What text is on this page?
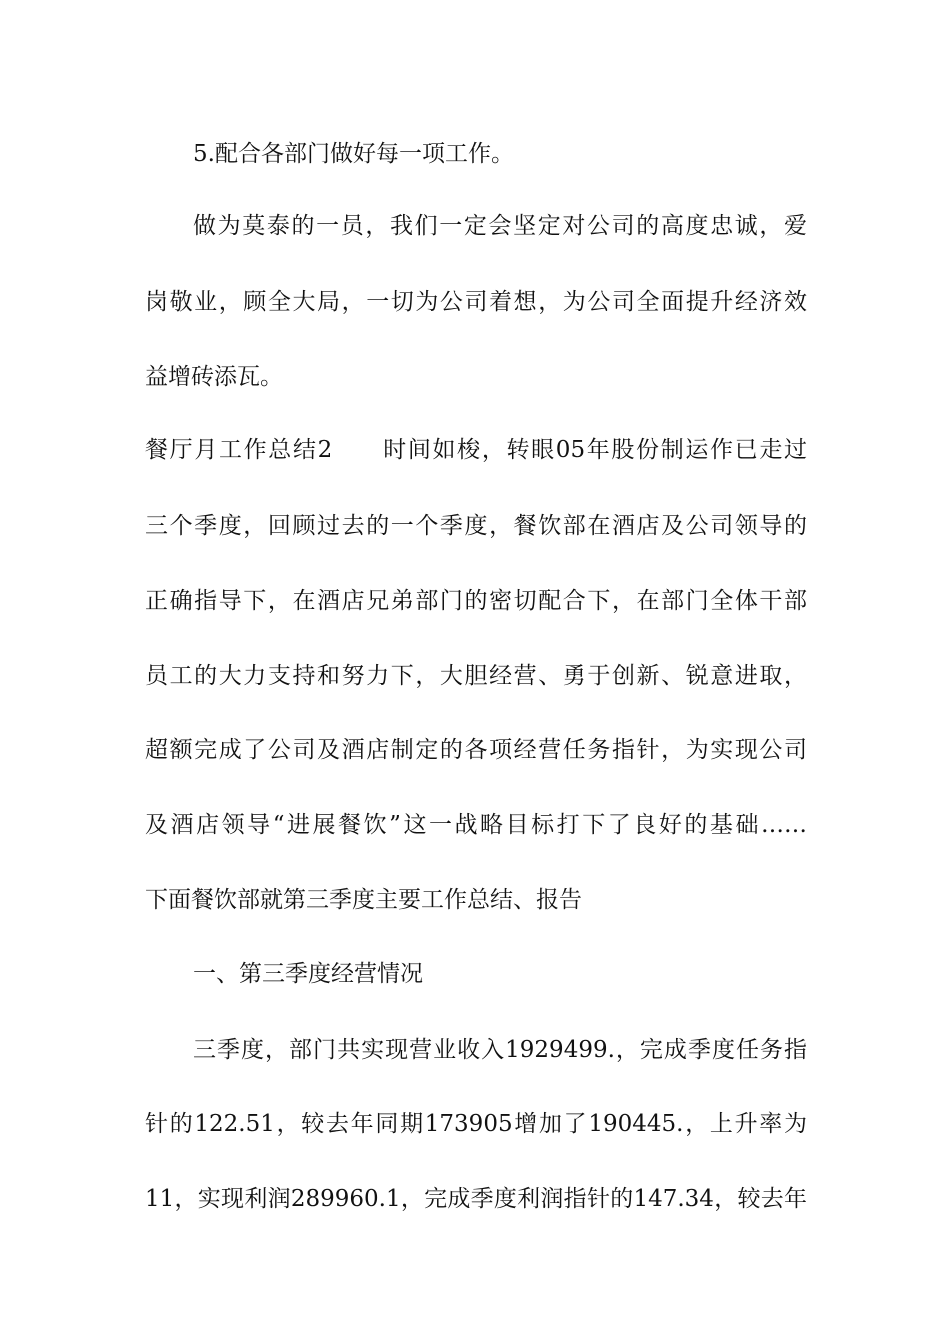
5.配合各部门做好每一项工作。
做为莫泰的一员，我们一定会坚定对公司的高度忠诚，爱
岗敬业，顾全大局，一切为公司着想，为公司全面提升经济效
益增砖添瓦。
餐厅月工作总结2　　时间如梭，转眼05年股份制运作已走过
三个季度，回顾过去的一个季度，餐饮部在酒店及公司领导的
正确指导下，在酒店兄弟部门的密切配合下，在部门全体干部
员工的大力支持和努力下，大胆经营、勇于创新、锐意进取，
超额完成了公司及酒店制定的各项经营任务指针，为实现公司
及酒店领导“进展餐饮”这一战略目标打下了良好的基础……
下面餐饮部就第三季度主要工作总结、报告
一、第三季度经营情况
三季度，部门共实现营业收入1929499.，完成季度任务指
针的122.51，较去年同期173905增加了190445.，上升率为
11，实现利润289960.1，完成季度利润指针的147.34，较去年
